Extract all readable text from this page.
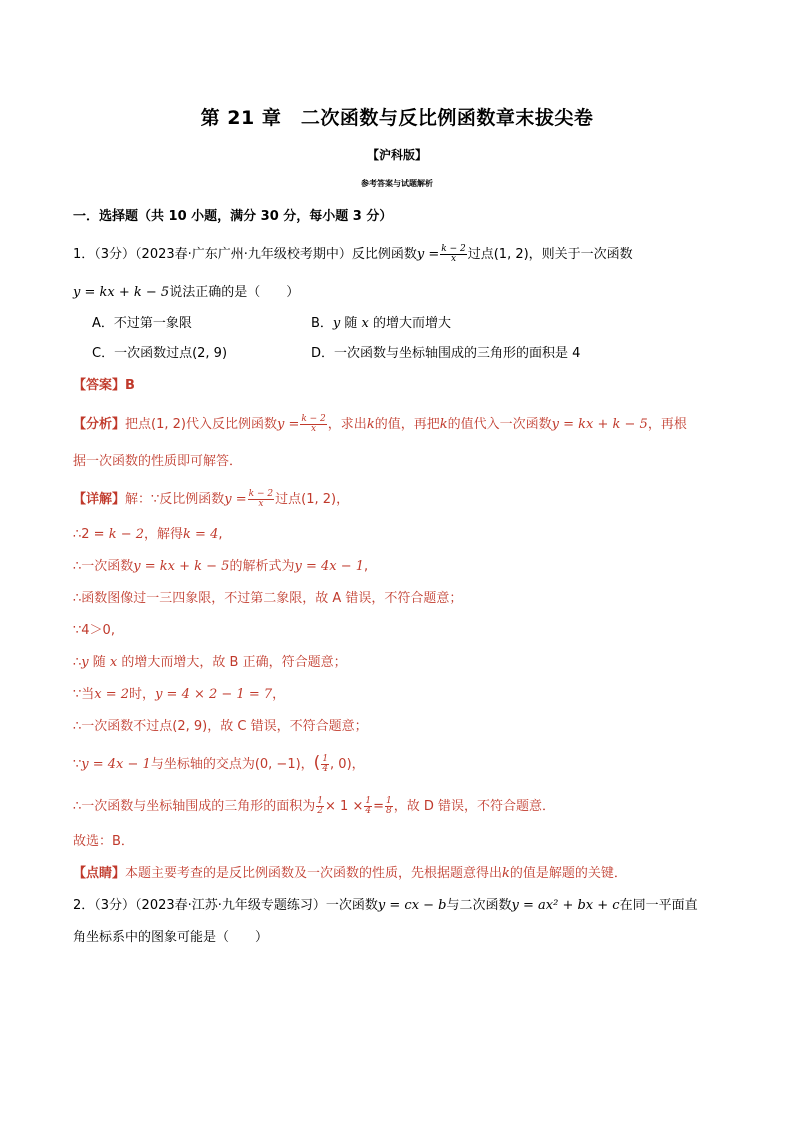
第 21 章　二次函数与反比例函数章末拔尖卷
【沪科版】
参考答案与试题解析
一．选择题（共 10 小题，满分 30 分，每小题 3 分）
1．（3分）（2023春·广东广州·九年级校考期中）反比例函数$y = \frac{k - 2}{x}$ 过点(1, 2)，则关于一次函数
y = kx + k − 5说法正确的是（　　）
A．不过第一象限	B．y 随 x 的增大而增大
C．一次函数过点(2, 9)	D．一次函数与坐标轴围成的三角形的面积是 4
【答案】B
【分析】把点(1, 2)代入反比例函数$y = \frac{k - 2}{x}$ ，求出k的值，再把k的值代入一次函数y = kx + k − 5，再根
据一次函数的性质即可解答．
【详解】解：∵反比例函数$y = \frac{k - 2}{x}$ 过点(1, 2)，
∴2 = k − 2，解得k = 4,
∴一次函数y = kx + k − 5的解析式为y = 4x − 1,
∴函数图像过一三四象限，不过第二象限，故 A 错误，不符合题意；
∵4＞0,
∴y 随 x 的增大而增大，故 B 正确，符合题意；
∵当x = 2时，y = 4 × 2 − 1 = 7，
∴一次函数不过点(2, 9)，故 C 错误，不符合题意；
∵y = 4x − 1与坐标轴的交点为(0, −1)，( $\frac{1}{4}$ , 0)，
∴一次函数与坐标轴围成的三角形的面积为 $\frac{1}{2} \times 1 \times \frac{1}{4} = \frac{1}{8}$ ，故 D 错误，不符合题意．
故选：B．
【点睛】本题主要考查的是反比例函数及一次函数的性质，先根据题意得出k的值是解题的关键．
2．（3分）（2023春·江苏·九年级专题练习）一次函数y = cx − b与二次函数y = ax² + bx + c在同一平面直
角坐标系中的图象可能是（　　）
